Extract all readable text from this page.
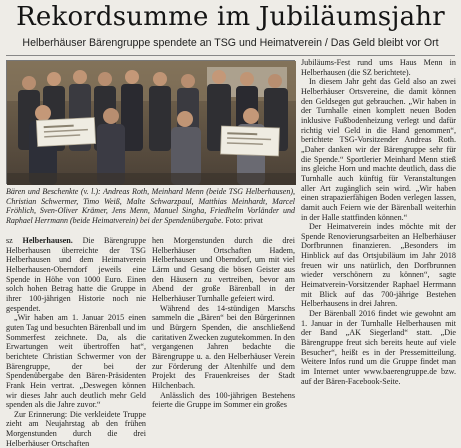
Rekordsumme im Jubiläumsjahr
Helberhäuser Bärengruppe spendete an TSG und Heimatverein / Das Geld bleibt vor Ort
Bären und Beschenkte (v. l.): Andreas Roth, Meinhard Menn (beide TSG Helberhausen), Christian Schwermer, Timo Weiß, Malte Schwarzpaul, Matthias Meinhardt, Marcel Fröhlich, Sven-Oliver Krämer, Jens Menn, Manuel Singha, Friedhelm Vorländer und Raphael Herrmann (beide Heimatverein) bei der Spendenübergabe. Foto: privat

sz Helberhausen. Die Bärengruppe Helberhausen überreichte der TSG Helberhausen und dem Heimatverein Helberhausen-Oberndorf jeweils eine Spende in Höhe von 1000 Euro. Einen solch hohen Betrag hatte die Gruppe in ihrer 100-jährigen Historie noch nie gespendet.

„Wir haben am 1. Januar 2015 einen guten Tag und besuchten Bärenball und im Sommerfest zeichnete. Da, als die Erwartungen weit übertroffen hat“, berichtete Christian Schwermer von der Bärengruppe, der bei der Spendenübergabe den Bären-Präsidenten Frank Hein vertrat. „Deswegen können wir dieses Jahr auch deutlich mehr Geld spenden als die Jahre zuvor.“

Zur Erinnerung: Die verkleidete Truppe zieht am Neujahrstag ab den frühen Morgenstunden durch die drei Helberhäuser Ortschaften

hen Morgenstunden durch die drei Helberhäuser Ortschaften Hadem, Helberhausen und Oberndorf, um mit viel Lärm und Gesang die bösen Geister aus den Häusern zu vertreiben, bevor am Abend der große Bärenball in der Helberhäuser Turnhalle gefeiert wird.

Während des 14-stündigen Marschs sammeln die „Bären“ bei den Bürgerinnen und Bürgern Spenden, die anschließend caritativen Zwecken zugutekommen. In den vergangenen Jahren bedachte die Bärengruppe u. a. den Helberhäuser Verein zur Förderung der Altenhilfe und dem Projekt des Frauenkreises der Stadt Hilchenbach.

Anlässlich des 100-jährigen Bestehens feierte die Gruppe im Sommer ein großes

Jubiläums-Fest rund ums Haus Menn in Helberhausen (die SZ berichtete).

In diesem Jahr geht das Geld also an zwei Helberhäuser Ortsvereine, die damit können den Geldsegen gut gebrauchen. „Wir haben in der Turnhalle einen komplett neuen Boden inklusive Fußbodenheizung verlegt und dafür richtig viel Geld in die Hand genommen“, berichtete TSG-Vorsitzender Andreas Roth. „Daher danken wir der Bärengruppe sehr für die Spende.“ Sportlerier Meinhard Menn stieß ins gleiche Horn und machte deutlich, dass die Turnhalle auch künftig für Veranstaltungen aller Art zugänglich sein wird. „Wir haben einen strapazierfähigen Boden verlegen lassen, damit auch Feiern wie der Bärenball weiterhin in der Halle stattfinden können.“

Der Heimatverein indes möchte mit der Spende Renovierungsarbeiten an Helberhäuser Dorfbrunnen finanzieren. „Besonders im Hinblick auf das Ortsjubiläum im Jahr 2018 freuen wir uns natürlich, den Dorfbrunnen wieder verschönern zu können“, sagte Heimatverein-Vorsitzender Raphael Herrmann mit Blick auf das 700-jährige Bestehen Helberhausens in drei Jahren.

Der Bärenball 2016 findet wie gewohnt am 1. Januar in der Turnhalle Helberhausen mit der Band „AK Siegerland“ statt. „Die Bärengruppe freut sich bereits heute auf viele Besucher“, heißt es in der Pressemitteilung. Weitere Infos rund um die Gruppe findet man im Internet unter www.baerengruppe.de bzw. auf der Bären-Facebook-Seite.
